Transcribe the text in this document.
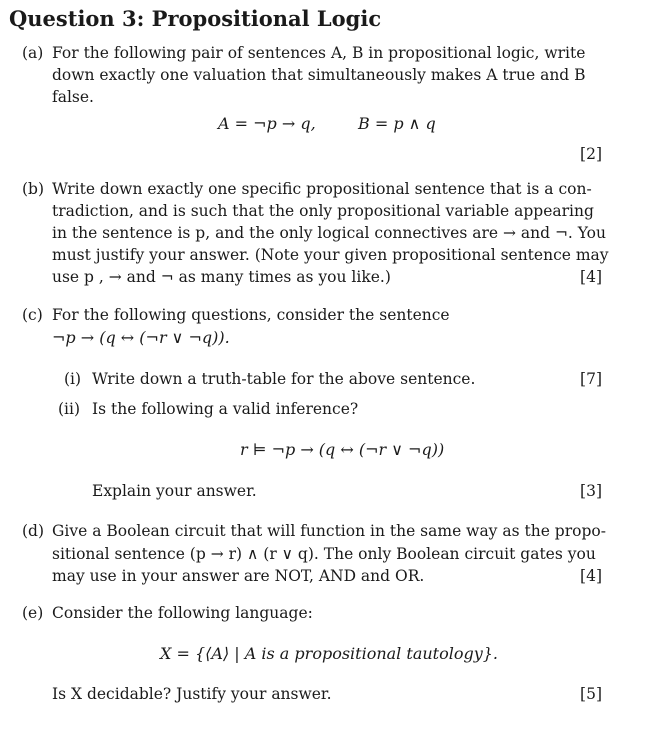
Question 3: Propositional Logic
(a) For the following pair of sentences A, B in propositional logic, write
down exactly one valuation that simultaneously makes A true and B
false.
A = ¬p → q,	B = p ∧ q
[2]
(b) Write down exactly one specific propositional sentence that is a con-
tradiction, and is such that the only propositional variable appearing
in the sentence is p, and the only logical connectives are → and ¬. You
must justify your answer. (Note your given propositional sentence may
use p , → and ¬ as many times as you like.)	[4]
(c) For the following questions, consider the sentence
¬p → (q ↔ (¬r ∨ ¬q)).
(i) Write down a truth-table for the above sentence.	[7]
(ii) Is the following a valid inference?
r ⊨ ¬p → (q ↔ (¬r ∨ ¬q))
Explain your answer.	[3]
(d) Give a Boolean circuit that will function in the same way as the propo-
sitional sentence (p → r) ∧ (r ∨ q). The only Boolean circuit gates you
may use in your answer are NOT, AND and OR.	[4]
(e) Consider the following language:
X = {⟨A⟩ | A is a propositional tautology}.
Is X decidable? Justify your answer.	[5]
